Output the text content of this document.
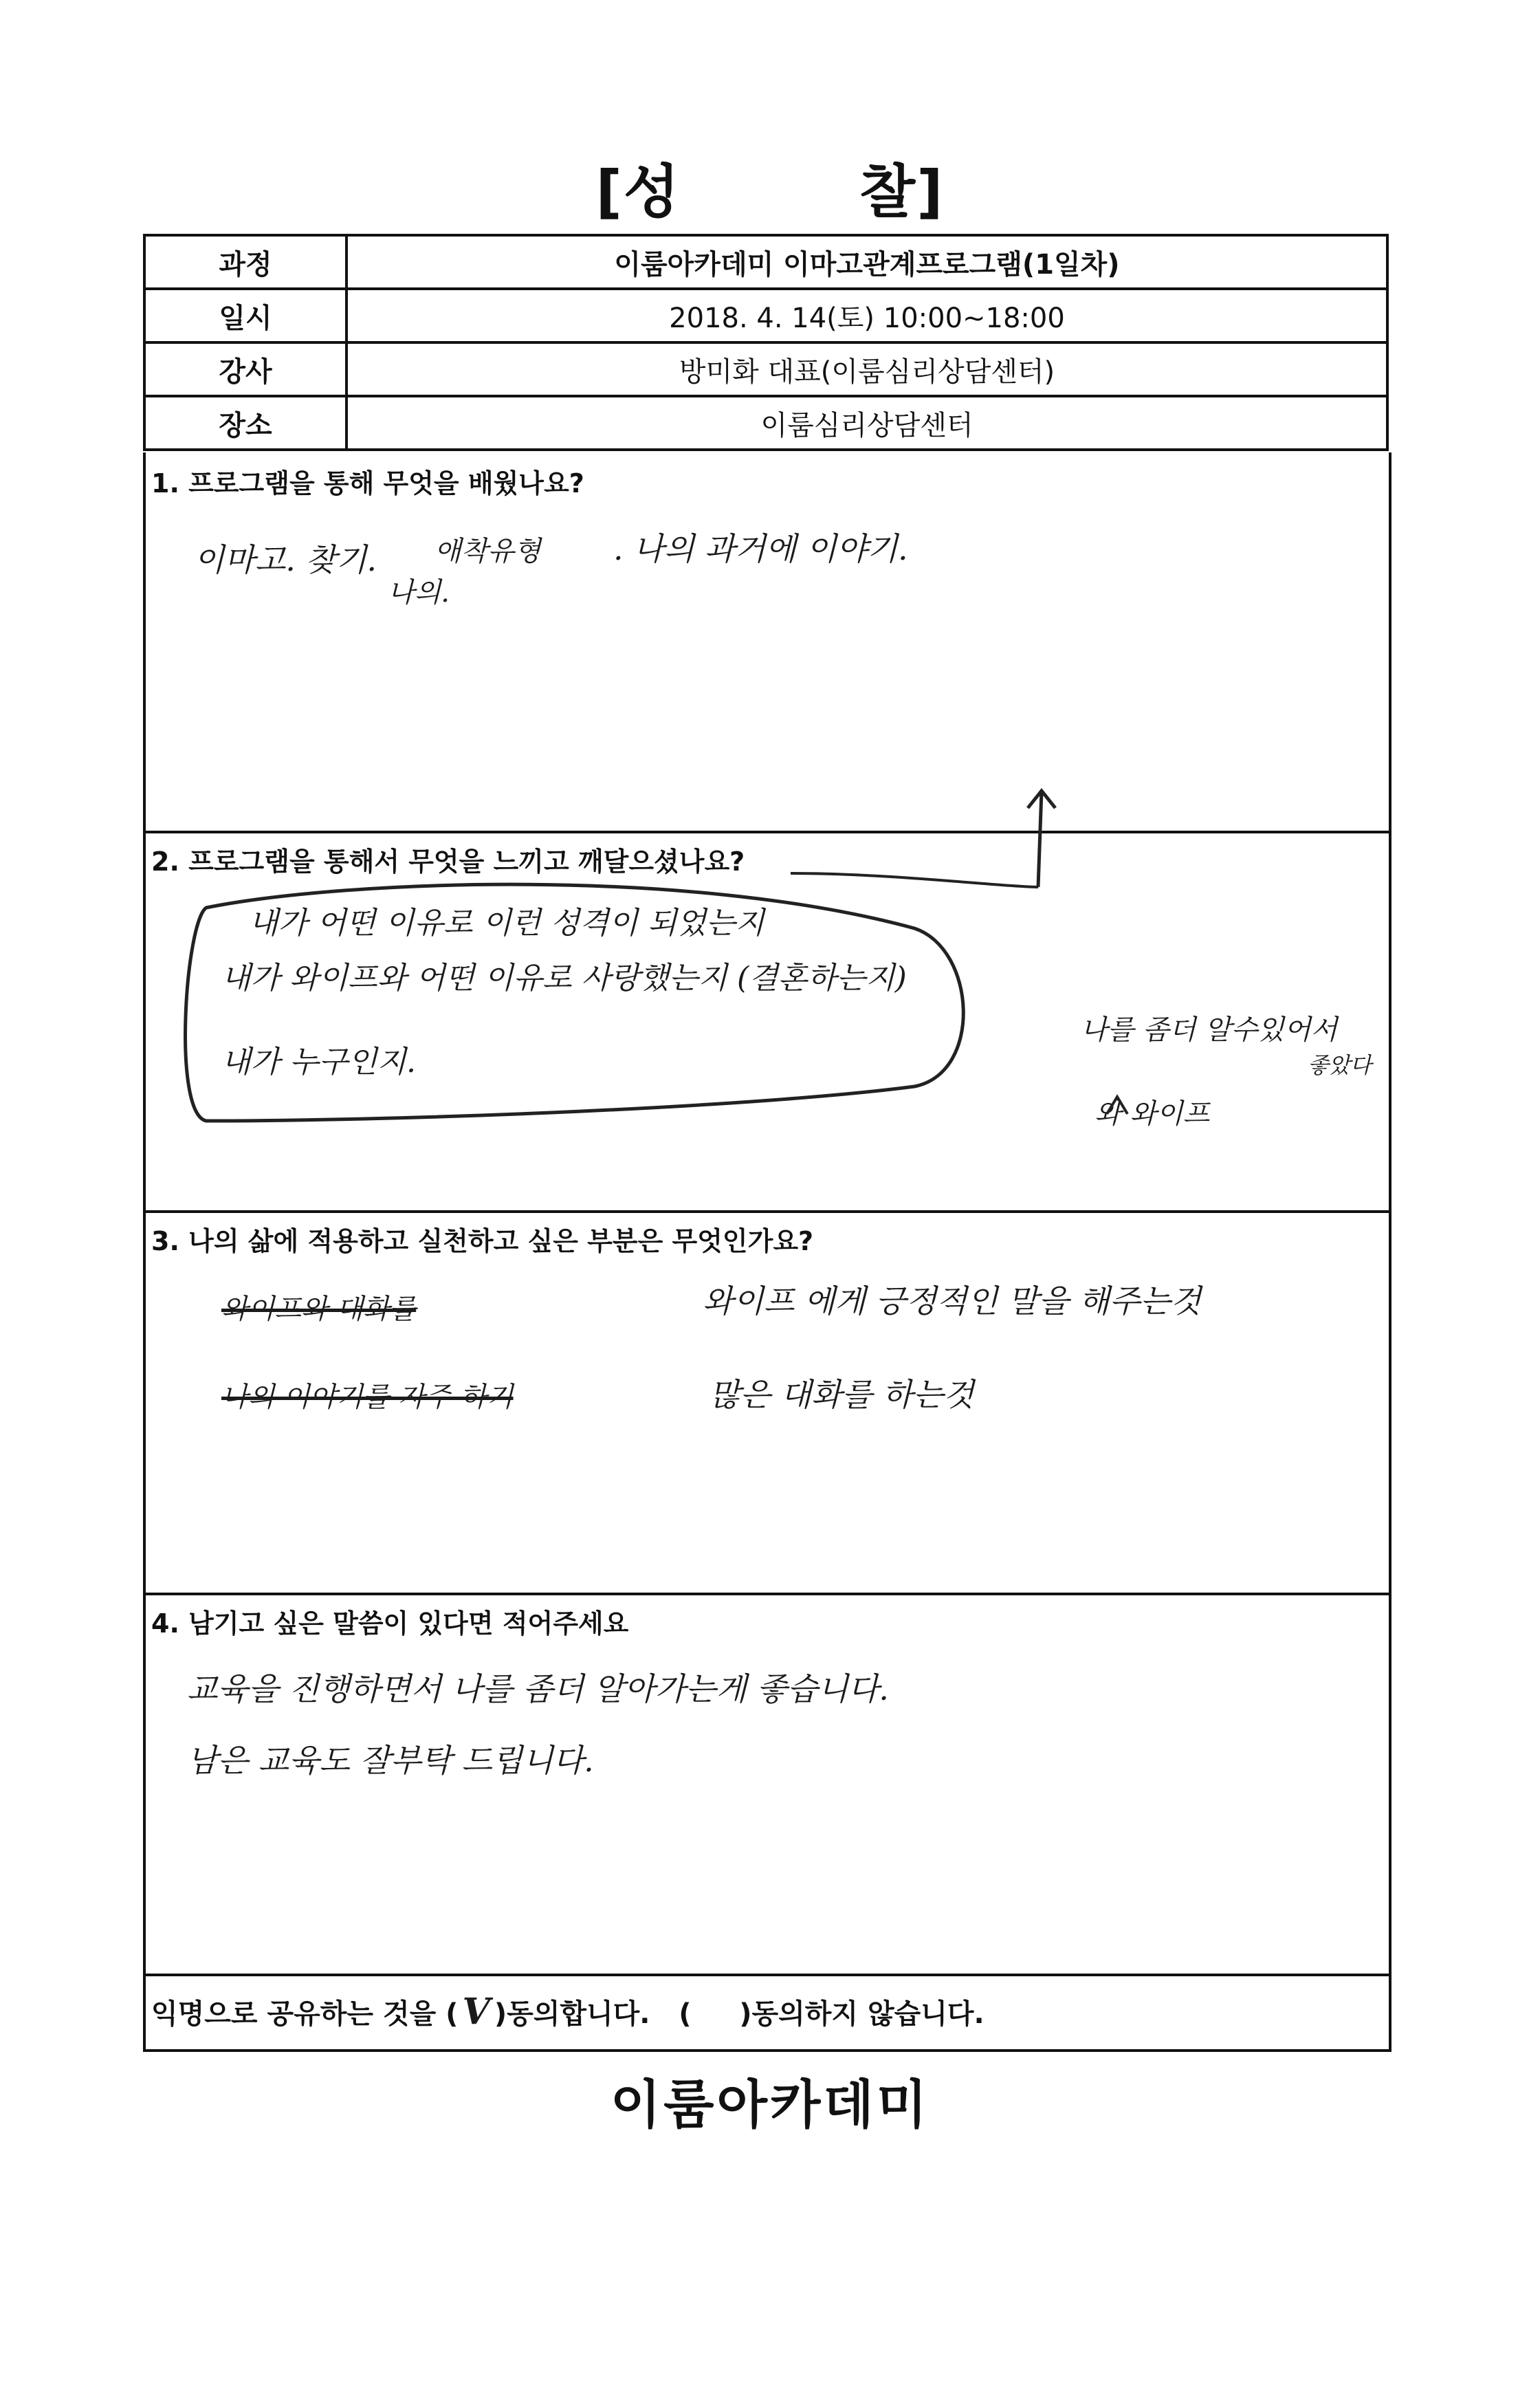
[성	찰]
과정	이룸아카데미 이마고관계프로그램(1일차)
일시	2018. 4. 14(토) 10:00~18:00
강사	방미화 대표(이룸심리상담센터)
장소	이룸심리상담센터
1. 프로그램을 통해 무엇을 배웠나요?
이마고. 찾기. 애착유형 . 나의 과거에 이야기.
나의.
2. 프로그램을 통해서 무엇을 느끼고 깨달으셨나요?
내가 어떤 이유로 이런 성격이 되었는지
내가 와이프와 어떤 이유로 사랑했는지 (결혼하는지)
내가 누구인지.
나를 좀더 알수있어서
좋았다
와 와이프
3. 나의 삶에 적용하고 실천하고 싶은 부분은 무엇인가요?
와이프와 대화를
나의 이야기를 자주 하기
와이프 에게 긍정적인 말을 해주는것
많은 대화를 하는것
4. 남기고 싶은 말씀이 있다면 적어주세요
교육을 진행하면서 나를 좀더 알아가는게 좋습니다.
남은 교육도 잘부탁 드립니다.
익명으로 공유하는 것을 ( V )동의합니다.   (     )동의하지 않습니다.
이룸아카데미
